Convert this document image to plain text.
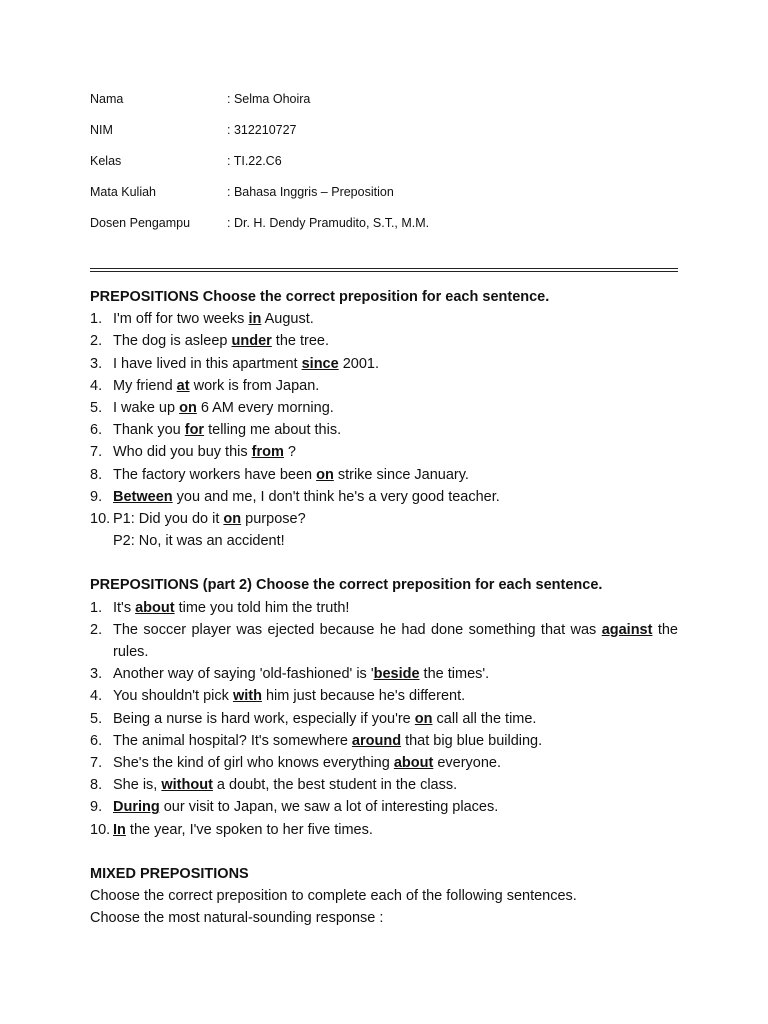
Nama	: Selma Ohoira
NIM	: 312210727
Kelas	: TI.22.C6
Mata Kuliah	: Bahasa Inggris – Preposition
Dosen Pengampu	: Dr. H. Dendy Pramudito, S.T., M.M.
PREPOSITIONS Choose the correct preposition for each sentence.
1. I'm off for two weeks in August.
2. The dog is asleep under the tree.
3. I have lived in this apartment since 2001.
4. My friend at work is from Japan.
5. I wake up on 6 AM every morning.
6. Thank you for telling me about this.
7. Who did you buy this from ?
8. The factory workers have been on strike since January.
9. Between you and me, I don't think he's a very good teacher.
10. P1: Did you do it on purpose?
P2: No, it was an accident!
PREPOSITIONS (part 2) Choose the correct preposition for each sentence.
1. It's about time you told him the truth!
2. The soccer player was ejected because he had done something that was against the rules.
3. Another way of saying 'old-fashioned' is 'beside the times'.
4. You shouldn't pick with him just because he's different.
5. Being a nurse is hard work, especially if you're on call all the time.
6. The animal hospital? It's somewhere around that big blue building.
7. She's the kind of girl who knows everything about everyone.
8. She is, without a doubt, the best student in the class.
9. During our visit to Japan, we saw a lot of interesting places.
10. In the year, I've spoken to her five times.
MIXED PREPOSITIONS
Choose the correct preposition to complete each of the following sentences.
Choose the most natural-sounding response :
